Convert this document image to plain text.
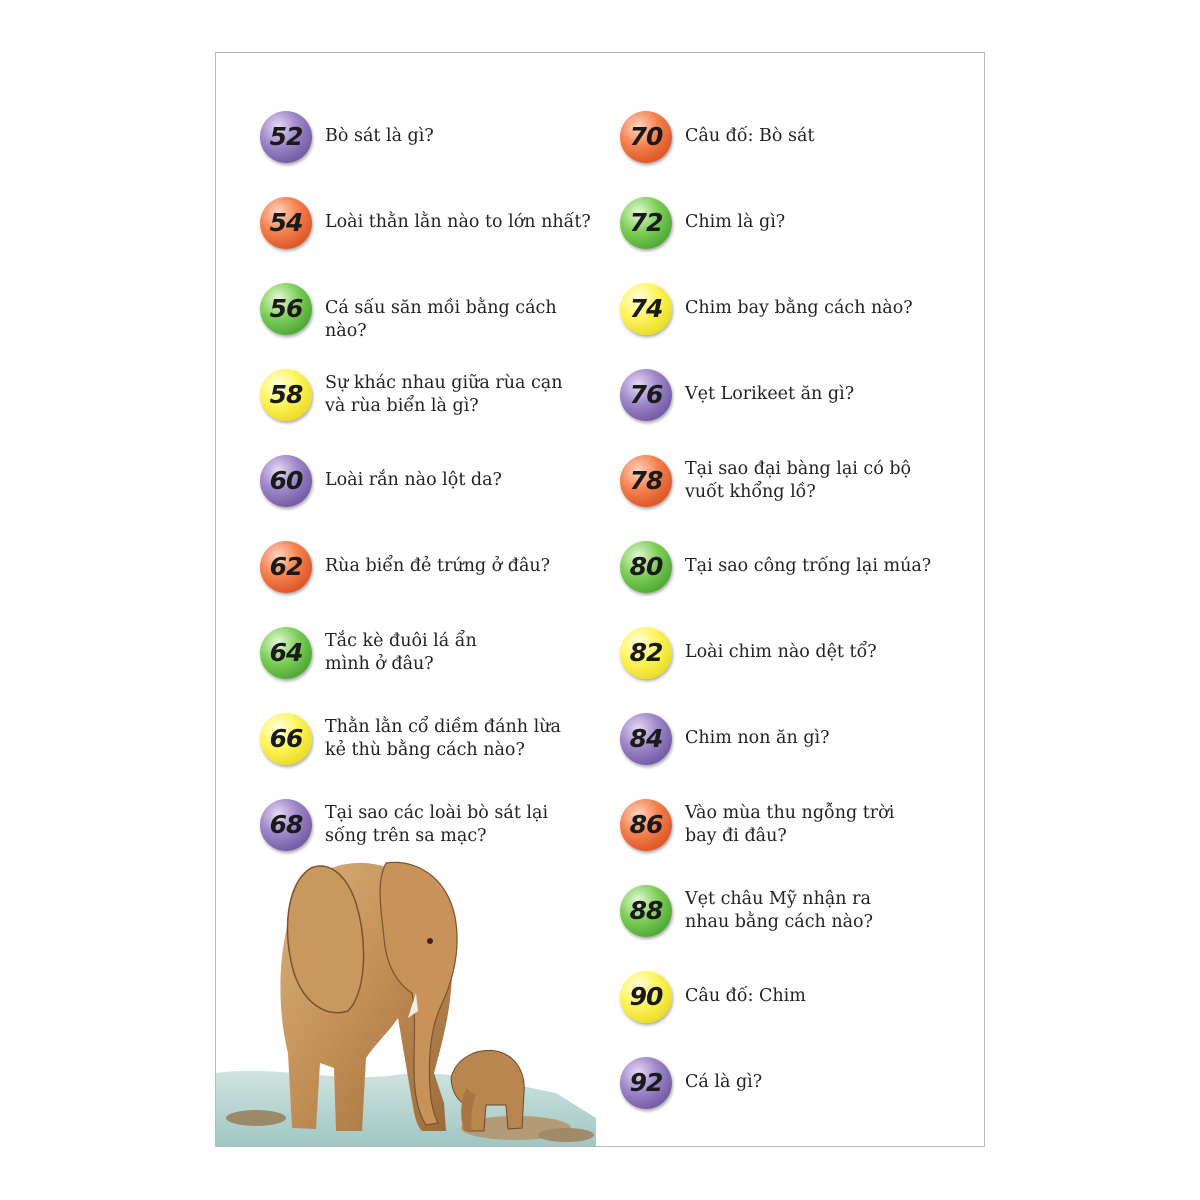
52	Bò sát là gì?
54	Loài thằn lằn nào to lớn nhất?
56	Cá sấu săn mồi bằng cách nào?
58	Sự khác nhau giữa rùa cạn và rùa biển là gì?
60	Loài rắn nào lột da?
62	Rùa biển đẻ trứng ở đâu?
64	Tắc kè đuôi lá ẩn mình ở đâu?
66	Thằn lằn cổ diềm đánh lừa kẻ thù bằng cách nào?
68	Tại sao các loài bò sát lại sống trên sa mạc?
70	Câu đố: Bò sát
72	Chim là gì?
74	Chim bay bằng cách nào?
76	Vẹt Lorikeet ăn gì?
78	Tại sao đại bàng lại có bộ vuốt khổng lồ?
80	Tại sao công trống lại múa?
82	Loài chim nào dệt tổ?
84	Chim non ăn gì?
86	Vào mùa thu ngỗng trời bay đi đâu?
88	Vẹt châu Mỹ nhận ra nhau bằng cách nào?
90	Câu đố: Chim
92	Cá là gì?
